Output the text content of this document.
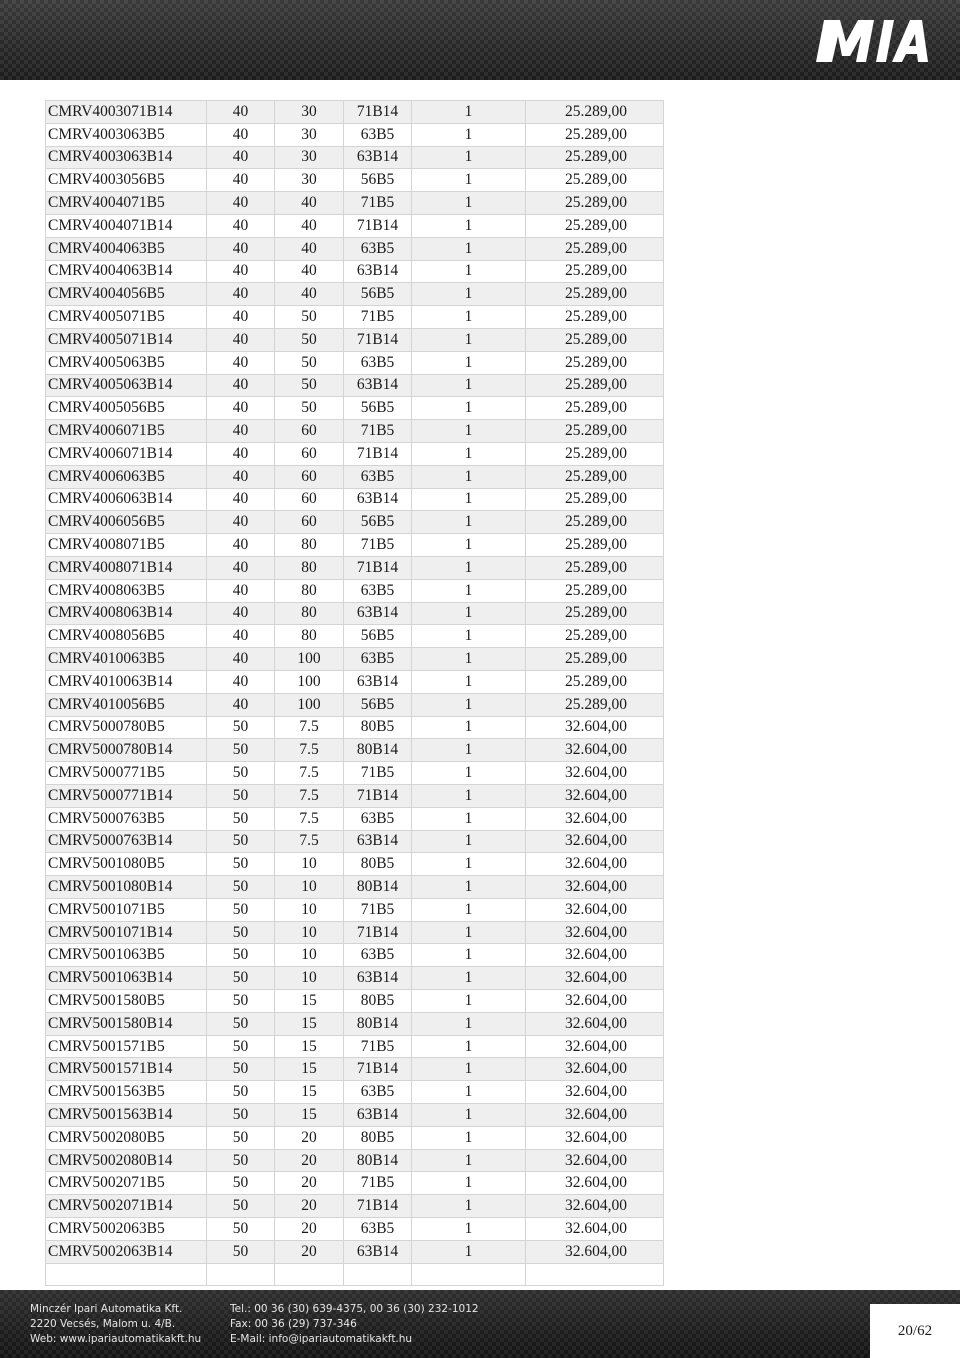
CMRV4003071B14	40	30	71B14	1	25.289,00
CMRV4003063B5	40	30	63B5	1	25.289,00
CMRV4003063B14	40	30	63B14	1	25.289,00
CMRV4003056B5	40	30	56B5	1	25.289,00
CMRV4004071B5	40	40	71B5	1	25.289,00
CMRV4004071B14	40	40	71B14	1	25.289,00
CMRV4004063B5	40	40	63B5	1	25.289,00
CMRV4004063B14	40	40	63B14	1	25.289,00
CMRV4004056B5	40	40	56B5	1	25.289,00
CMRV4005071B5	40	50	71B5	1	25.289,00
CMRV4005071B14	40	50	71B14	1	25.289,00
CMRV4005063B5	40	50	63B5	1	25.289,00
CMRV4005063B14	40	50	63B14	1	25.289,00
CMRV4005056B5	40	50	56B5	1	25.289,00
CMRV4006071B5	40	60	71B5	1	25.289,00
CMRV4006071B14	40	60	71B14	1	25.289,00
CMRV4006063B5	40	60	63B5	1	25.289,00
CMRV4006063B14	40	60	63B14	1	25.289,00
CMRV4006056B5	40	60	56B5	1	25.289,00
CMRV4008071B5	40	80	71B5	1	25.289,00
CMRV4008071B14	40	80	71B14	1	25.289,00
CMRV4008063B5	40	80	63B5	1	25.289,00
CMRV4008063B14	40	80	63B14	1	25.289,00
CMRV4008056B5	40	80	56B5	1	25.289,00
CMRV4010063B5	40	100	63B5	1	25.289,00
CMRV4010063B14	40	100	63B14	1	25.289,00
CMRV4010056B5	40	100	56B5	1	25.289,00
CMRV5000780B5	50	7.5	80B5	1	32.604,00
CMRV5000780B14	50	7.5	80B14	1	32.604,00
CMRV5000771B5	50	7.5	71B5	1	32.604,00
CMRV5000771B14	50	7.5	71B14	1	32.604,00
CMRV5000763B5	50	7.5	63B5	1	32.604,00
CMRV5000763B14	50	7.5	63B14	1	32.604,00
CMRV5001080B5	50	10	80B5	1	32.604,00
CMRV5001080B14	50	10	80B14	1	32.604,00
CMRV5001071B5	50	10	71B5	1	32.604,00
CMRV5001071B14	50	10	71B14	1	32.604,00
CMRV5001063B5	50	10	63B5	1	32.604,00
CMRV5001063B14	50	10	63B14	1	32.604,00
CMRV5001580B5	50	15	80B5	1	32.604,00
CMRV5001580B14	50	15	80B14	1	32.604,00
CMRV5001571B5	50	15	71B5	1	32.604,00
CMRV5001571B14	50	15	71B14	1	32.604,00
CMRV5001563B5	50	15	63B5	1	32.604,00
CMRV5001563B14	50	15	63B14	1	32.604,00
CMRV5002080B5	50	20	80B5	1	32.604,00
CMRV5002080B14	50	20	80B14	1	32.604,00
CMRV5002071B5	50	20	71B5	1	32.604,00
CMRV5002071B14	50	20	71B14	1	32.604,00
CMRV5002063B5	50	20	63B5	1	32.604,00
CMRV5002063B14	50	20	63B14	1	32.604,00

Minczér Ipari Automatika Kft.
2220 Vecsés, Malom u. 4/B.
Web: www.ipariautomatikakft.hu
Tel.: 00 36 (30) 639-4375, 00 36 (30) 232-1012
Fax: 00 36 (29) 737-346
E-Mail: info@ipariautomatikakft.hu
20/62
